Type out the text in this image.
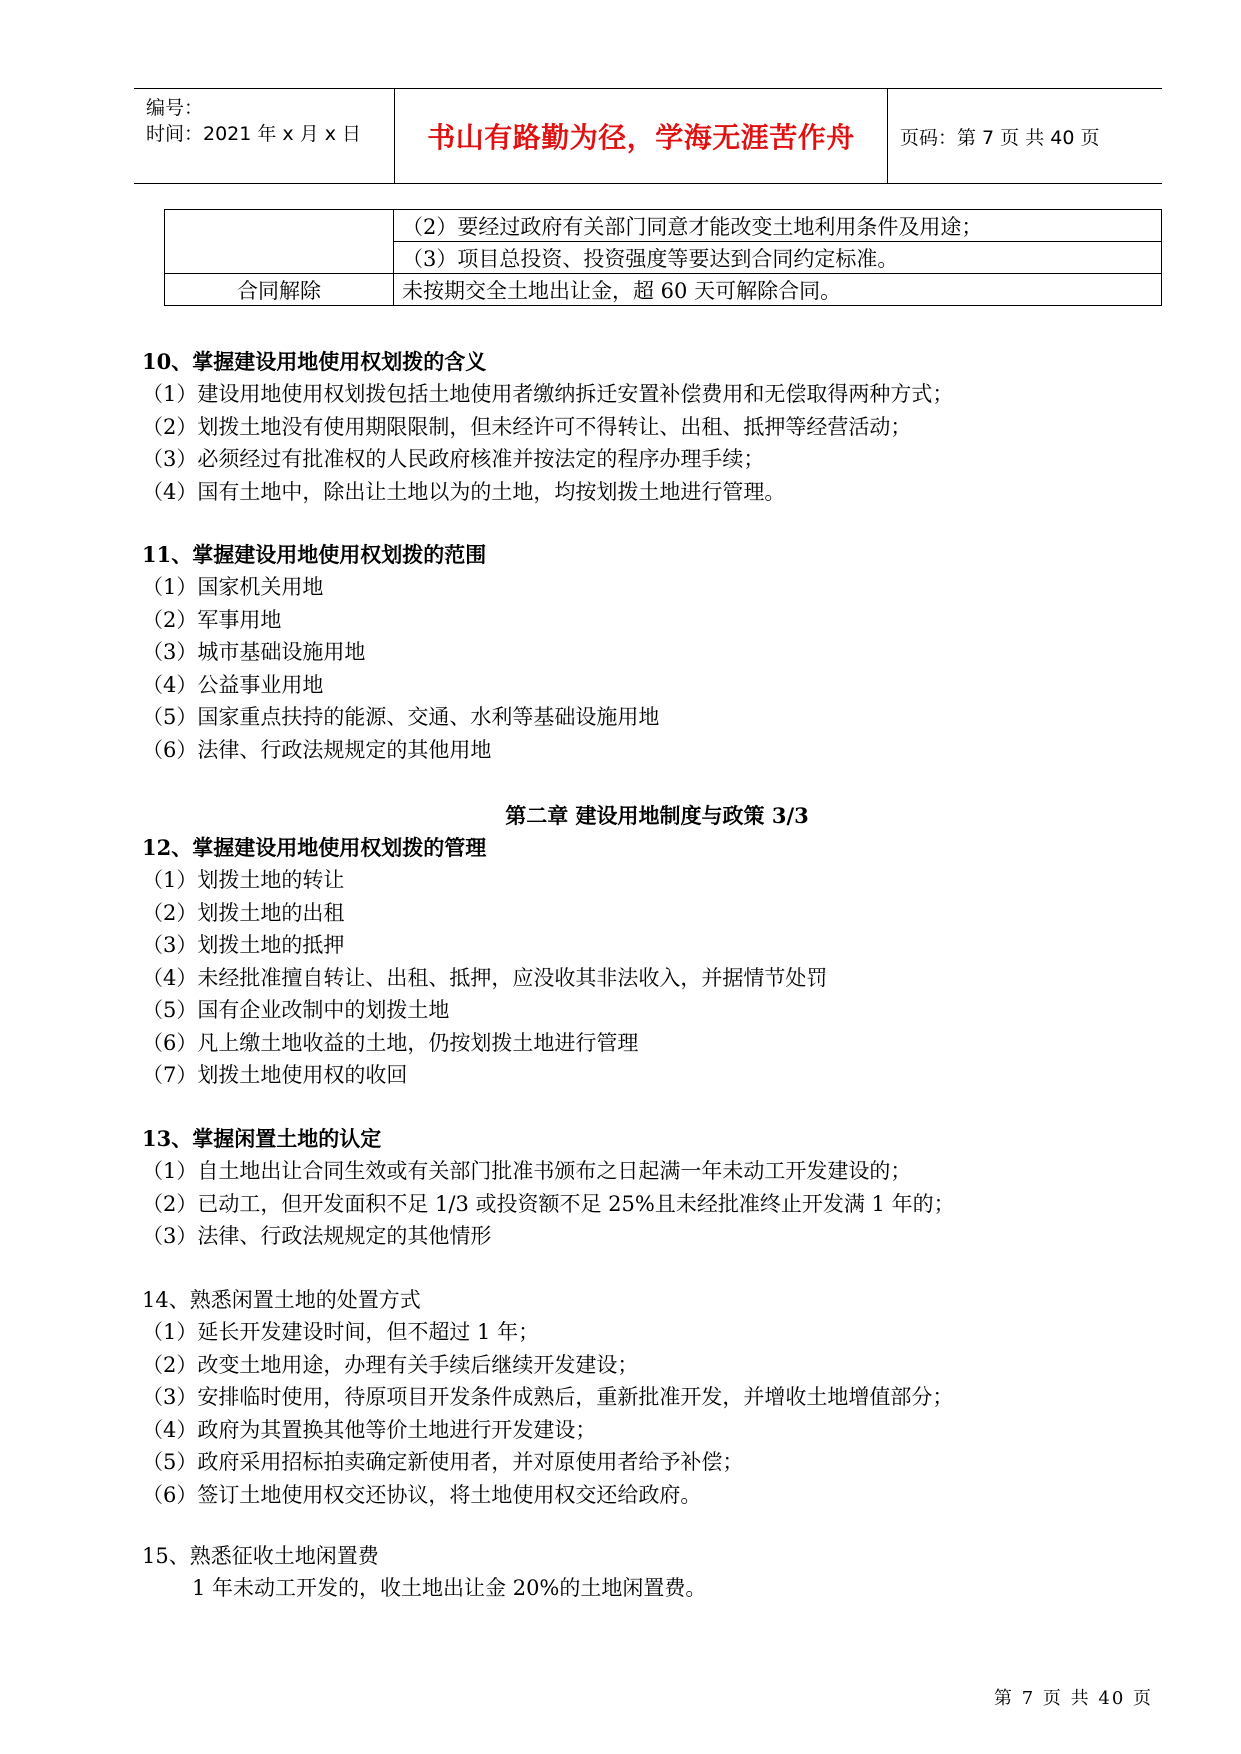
编号：
时间：2021 年 x 月 x 日 书山有路勤为径，学海无涯苦作舟	页码：第 7 页 共 40 页
	（2）要经过政府有关部门同意才能改变土地利用条件及用途；
	（3）项目总投资、投资强度等要达到合同约定标准。
合同解除	未按期交全土地出让金，超 60 天可解除合同。
10、掌握建设用地使用权划拨的含义
（1）建设用地使用权划拨包括土地使用者缴纳拆迁安置补偿费用和无偿取得两种方式；
（2）划拨土地没有使用期限限制，但未经许可不得转让、出租、抵押等经营活动；
（3）必须经过有批准权的人民政府核准并按法定的程序办理手续；
（4）国有土地中，除出让土地以为的土地，均按划拨土地进行管理。
11、掌握建设用地使用权划拨的范围
（1）国家机关用地
（2）军事用地
（3）城市基础设施用地
（4）公益事业用地
（5）国家重点扶持的能源、交通、水利等基础设施用地
（6）法律、行政法规规定的其他用地
第二章 建设用地制度与政策 3/3
12、掌握建设用地使用权划拨的管理
（1）划拨土地的转让
（2）划拨土地的出租
（3）划拨土地的抵押
（4）未经批准擅自转让、出租、抵押，应没收其非法收入，并据情节处罚
（5）国有企业改制中的划拨土地
（6）凡上缴土地收益的土地，仍按划拨土地进行管理
（7）划拨土地使用权的收回
13、掌握闲置土地的认定
（1）自土地出让合同生效或有关部门批准书颁布之日起满一年未动工开发建设的；
（2）已动工，但开发面积不足 1/3 或投资额不足 25%且未经批准终止开发满 1 年的；
（3）法律、行政法规规定的其他情形
14、熟悉闲置土地的处置方式
（1）延长开发建设时间，但不超过 1 年；
（2）改变土地用途，办理有关手续后继续开发建设；
（3）安排临时使用，待原项目开发条件成熟后，重新批准开发，并增收土地增值部分；
（4）政府为其置换其他等价土地进行开发建设；
（5）政府采用招标拍卖确定新使用者，并对原使用者给予补偿；
（6）签订土地使用权交还协议，将土地使用权交还给政府。
15、熟悉征收土地闲置费
1 年未动工开发的，收土地出让金 20%的土地闲置费。
第 7 页 共 40 页
